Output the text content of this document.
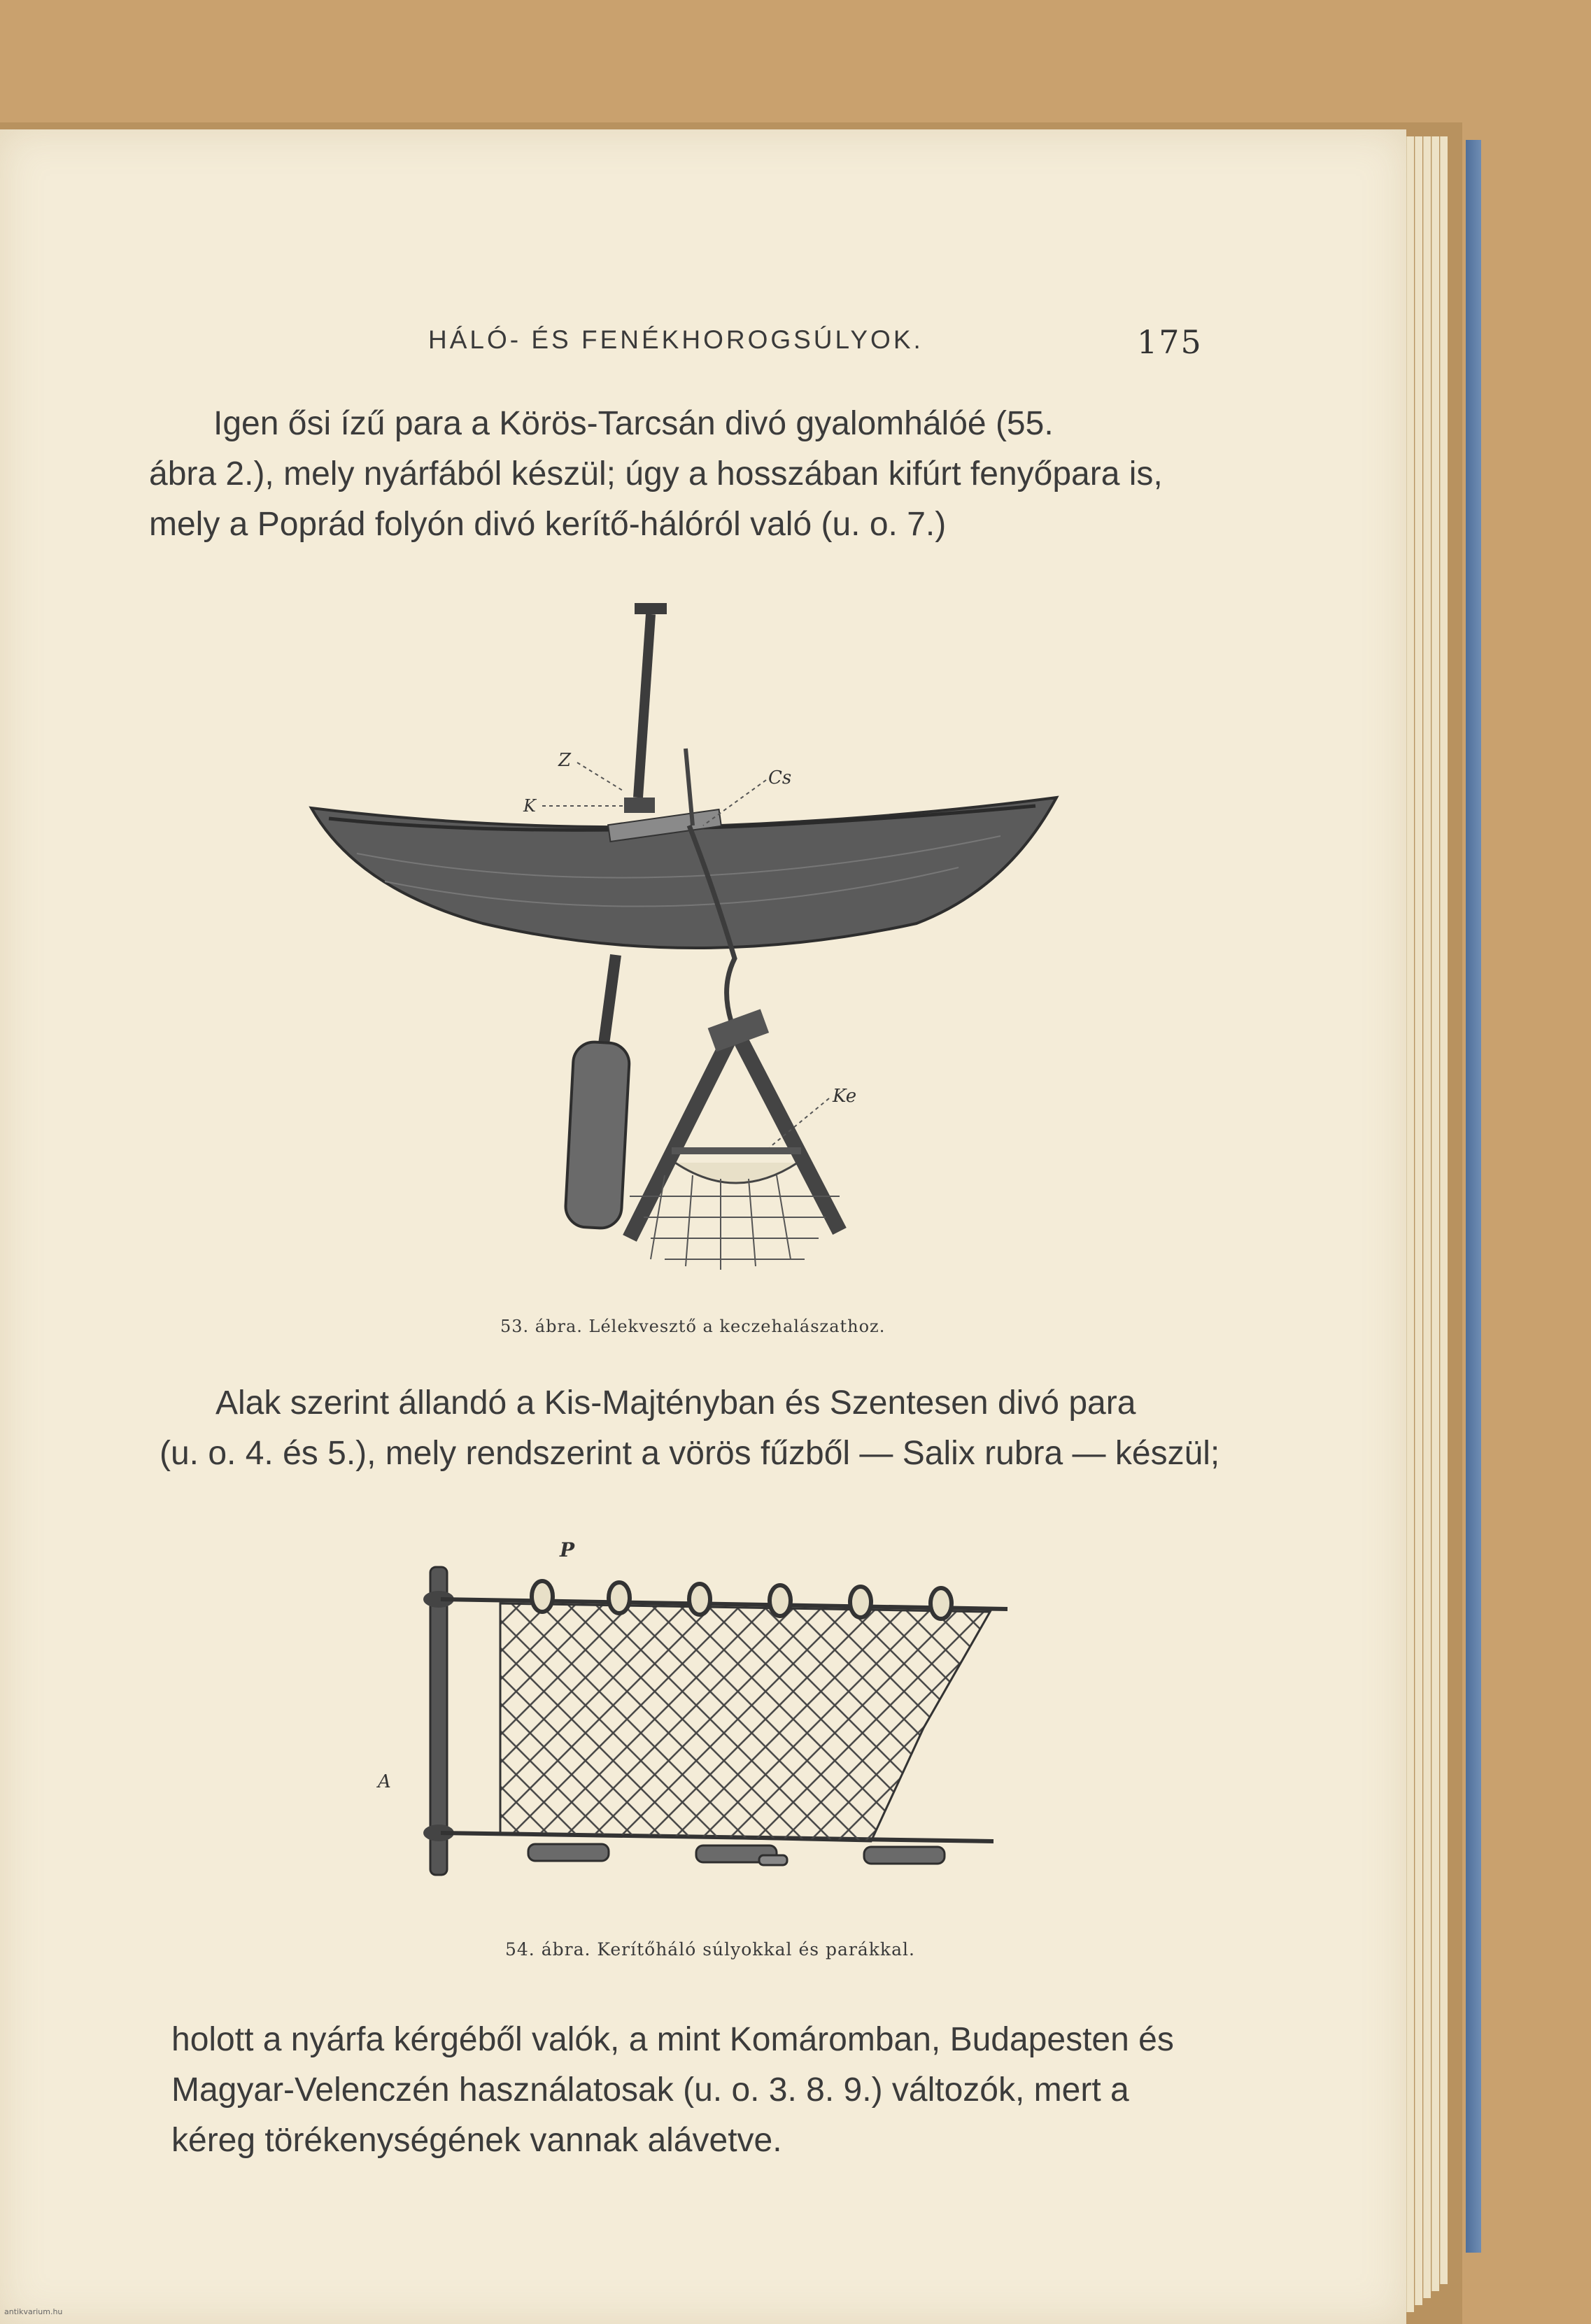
HÁLÓ- ÉS FENÉKHOROGSÚLYOK.	175
Igen ősi ízű para a Körös-Tarcsán divó gyalomhálóé (55.
ábra 2.), mely nyárfából készül; úgy a hosszában kifúrt fenyőpara is,
mely a Poprád folyón divó kerítő-hálóról való (u. o. 7.)
Z
K
Cs
Ke
53. ábra. Lélekvesztő a keczehalászathoz.
Alak szerint állandó a Kis-Majtényban és Szentesen divó para
(u. o. 4. és 5.), mely rendszerint a vörös fűzből — Salix rubra — készül;
P
A
54. ábra. Kerítőháló súlyokkal és parákkal.
holott a nyárfa kérgéből valók, a mint Komáromban, Budapesten és
Magyar-Velenczén használatosak (u. o. 3. 8. 9.) változók, mert a
kéreg törékenységének vannak alávetve.
antikvarium.hu
